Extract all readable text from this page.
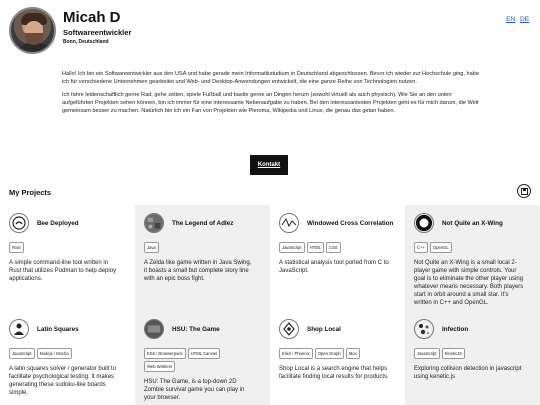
Micah D
Softwareentwickler
Bonn, Deutschland
EN DE

Hallo! Ich bin ein Softwareentwickler aus den USA und habe gerade mein Informatikstudium in Deutschland abgeschlossen. Bevor ich wieder zur Hochschule ging, habe ich für verschiedene Unternehmen gearbeitet und Web- und Desktop-Anwendungen entwickelt, die eine ganze Reihe von Technologien nutzen.

Ich fahre leidenschaftlich gerne Rad, gehe zelten, spiele Fußball und bastle gerne an Dingen herum (sowohl virtuell als auch physisch). Wie Sie an den unten aufgeführten Projekten sehen können, bin ich immer für eine interessante Nebenaufgabe zu haben. Bei den interessantesten Projekten geht es für mich darum, die Welt gemeinsam besser zu machen. Natürlich bin ich ein Fan von Projekten wie Pleroma, Wikipedia und Linux, die genau das getan haben.

Kontakt
My Projects
Bee Deployed
Rust
A simple command-line tool written in Rust that utilizes Podman to help deploy applications.
The Legend of Adlez
Java
A Zelda like game written in Java Swing, it boasts a small but complete story line with an epic boss fight.
Windowed Cross Correlation
JavaScript	HTML	CSS
A statistical analysis tool ported from C to JavaScript.
Not Quite an X-Wing
C++	OpenGL
Not Quite an X-Wing is a small local 2-player game with simple controls. Your goal is to eliminate the other player using whatever means necessary. Both players start in orbit around a small star. It's written in C++ and OpenGL.
Latin Squares
JavaScript	Nodejs / Mocha
A latin squares solver / generator built to facilitate psychological testing. It makes generating these sudoku-like boards simple.
HSU: The Game
ES6 / Browserpack	HTML Canvas
Web Workers
HSU: The Game, is a top-down 2D Zombie survival game you can play in your browser.
Shop Local
Elixir / Phoenix	Open Graph	Mox
Shop Local is a search engine that helps facilitate finding local results for products.
Infection
JavaScript	KineticJS
Exploring collision detection in javascript using kenetic.js
